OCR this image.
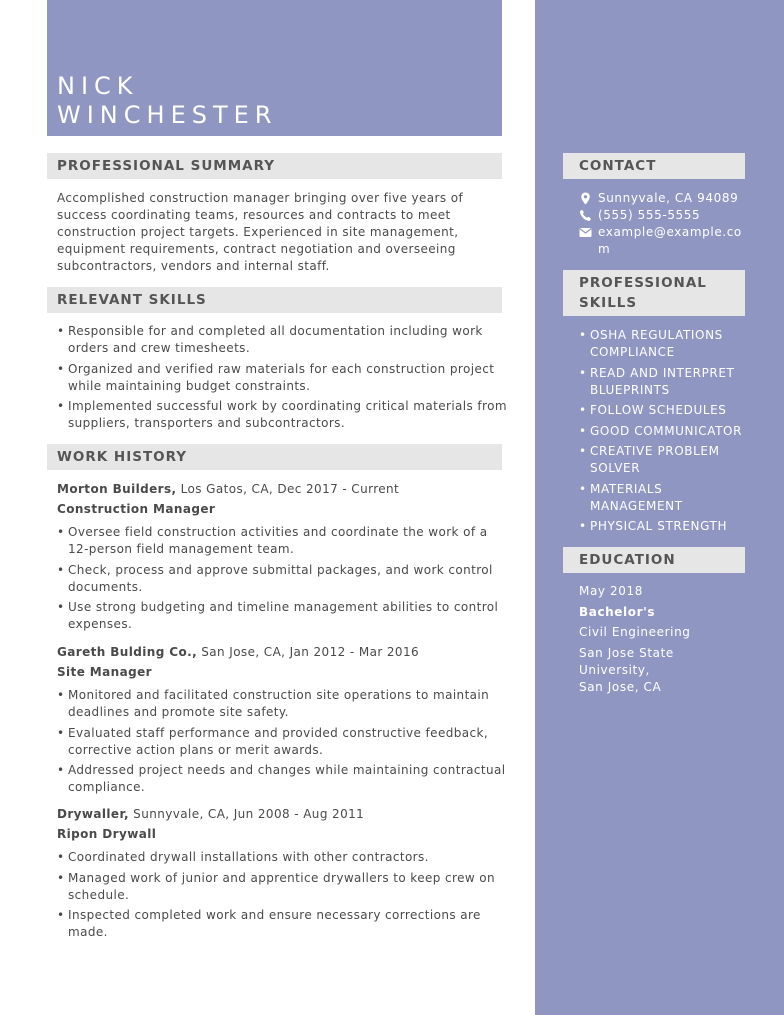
NICK
WINCHESTER
PROFESSIONAL SUMMARY

Accomplished construction manager bringing over five years of

success coordinating teams, resources and contracts to meet

construction project targets. Experienced in site management,

equipment requirements, contract negotiation and overseeing

subcontractors, vendors and internal staff.

RELEVANT SKILLS
• Responsible for and completed all documentation including work orders and crew timesheets.
• Organized and verified raw materials for each construction project while maintaining budget constraints.
• Implemented successful work by coordinating critical materials from suppliers, transporters and subcontractors.
WORK HISTORY
Morton Builders, Los Gatos, CA, Dec 2017 - Current
Construction Manager
• Oversee field construction activities and coordinate the work of a 12-person field management team.
• Check, process and approve submittal packages, and work control documents.
• Use strong budgeting and timeline management abilities to control expenses.
Gareth Bulding Co., San Jose, CA, Jan 2012 - Mar 2016
Site Manager
• Monitored and facilitated construction site operations to maintain deadlines and promote site safety.
• Evaluated staff performance and provided constructive feedback, corrective action plans or merit awards.
• Addressed project needs and changes while maintaining contractual compliance.
Drywaller, Sunnyvale, CA, Jun 2008 - Aug 2011
Ripon Drywall
• Coordinated drywall installations with other contractors.
• Managed work of junior and apprentice drywallers to keep crew on schedule.
• Inspected completed work and ensure necessary corrections are made.
CONTACT
Sunnyvale, CA 94089
(555) 555-5555
example@example.co
m
PROFESSIONAL
SKILLS
• OSHA REGULATIONS COMPLIANCE
• READ AND INTERPRET BLUEPRINTS
• FOLLOW SCHEDULES
• GOOD COMMUNICATOR
• CREATIVE PROBLEM SOLVER
• MATERIALS MANAGEMENT
• PHYSICAL STRENGTH
EDUCATION
May 2018
Bachelor's
Civil Engineering
San Jose State University,
San Jose, CA
